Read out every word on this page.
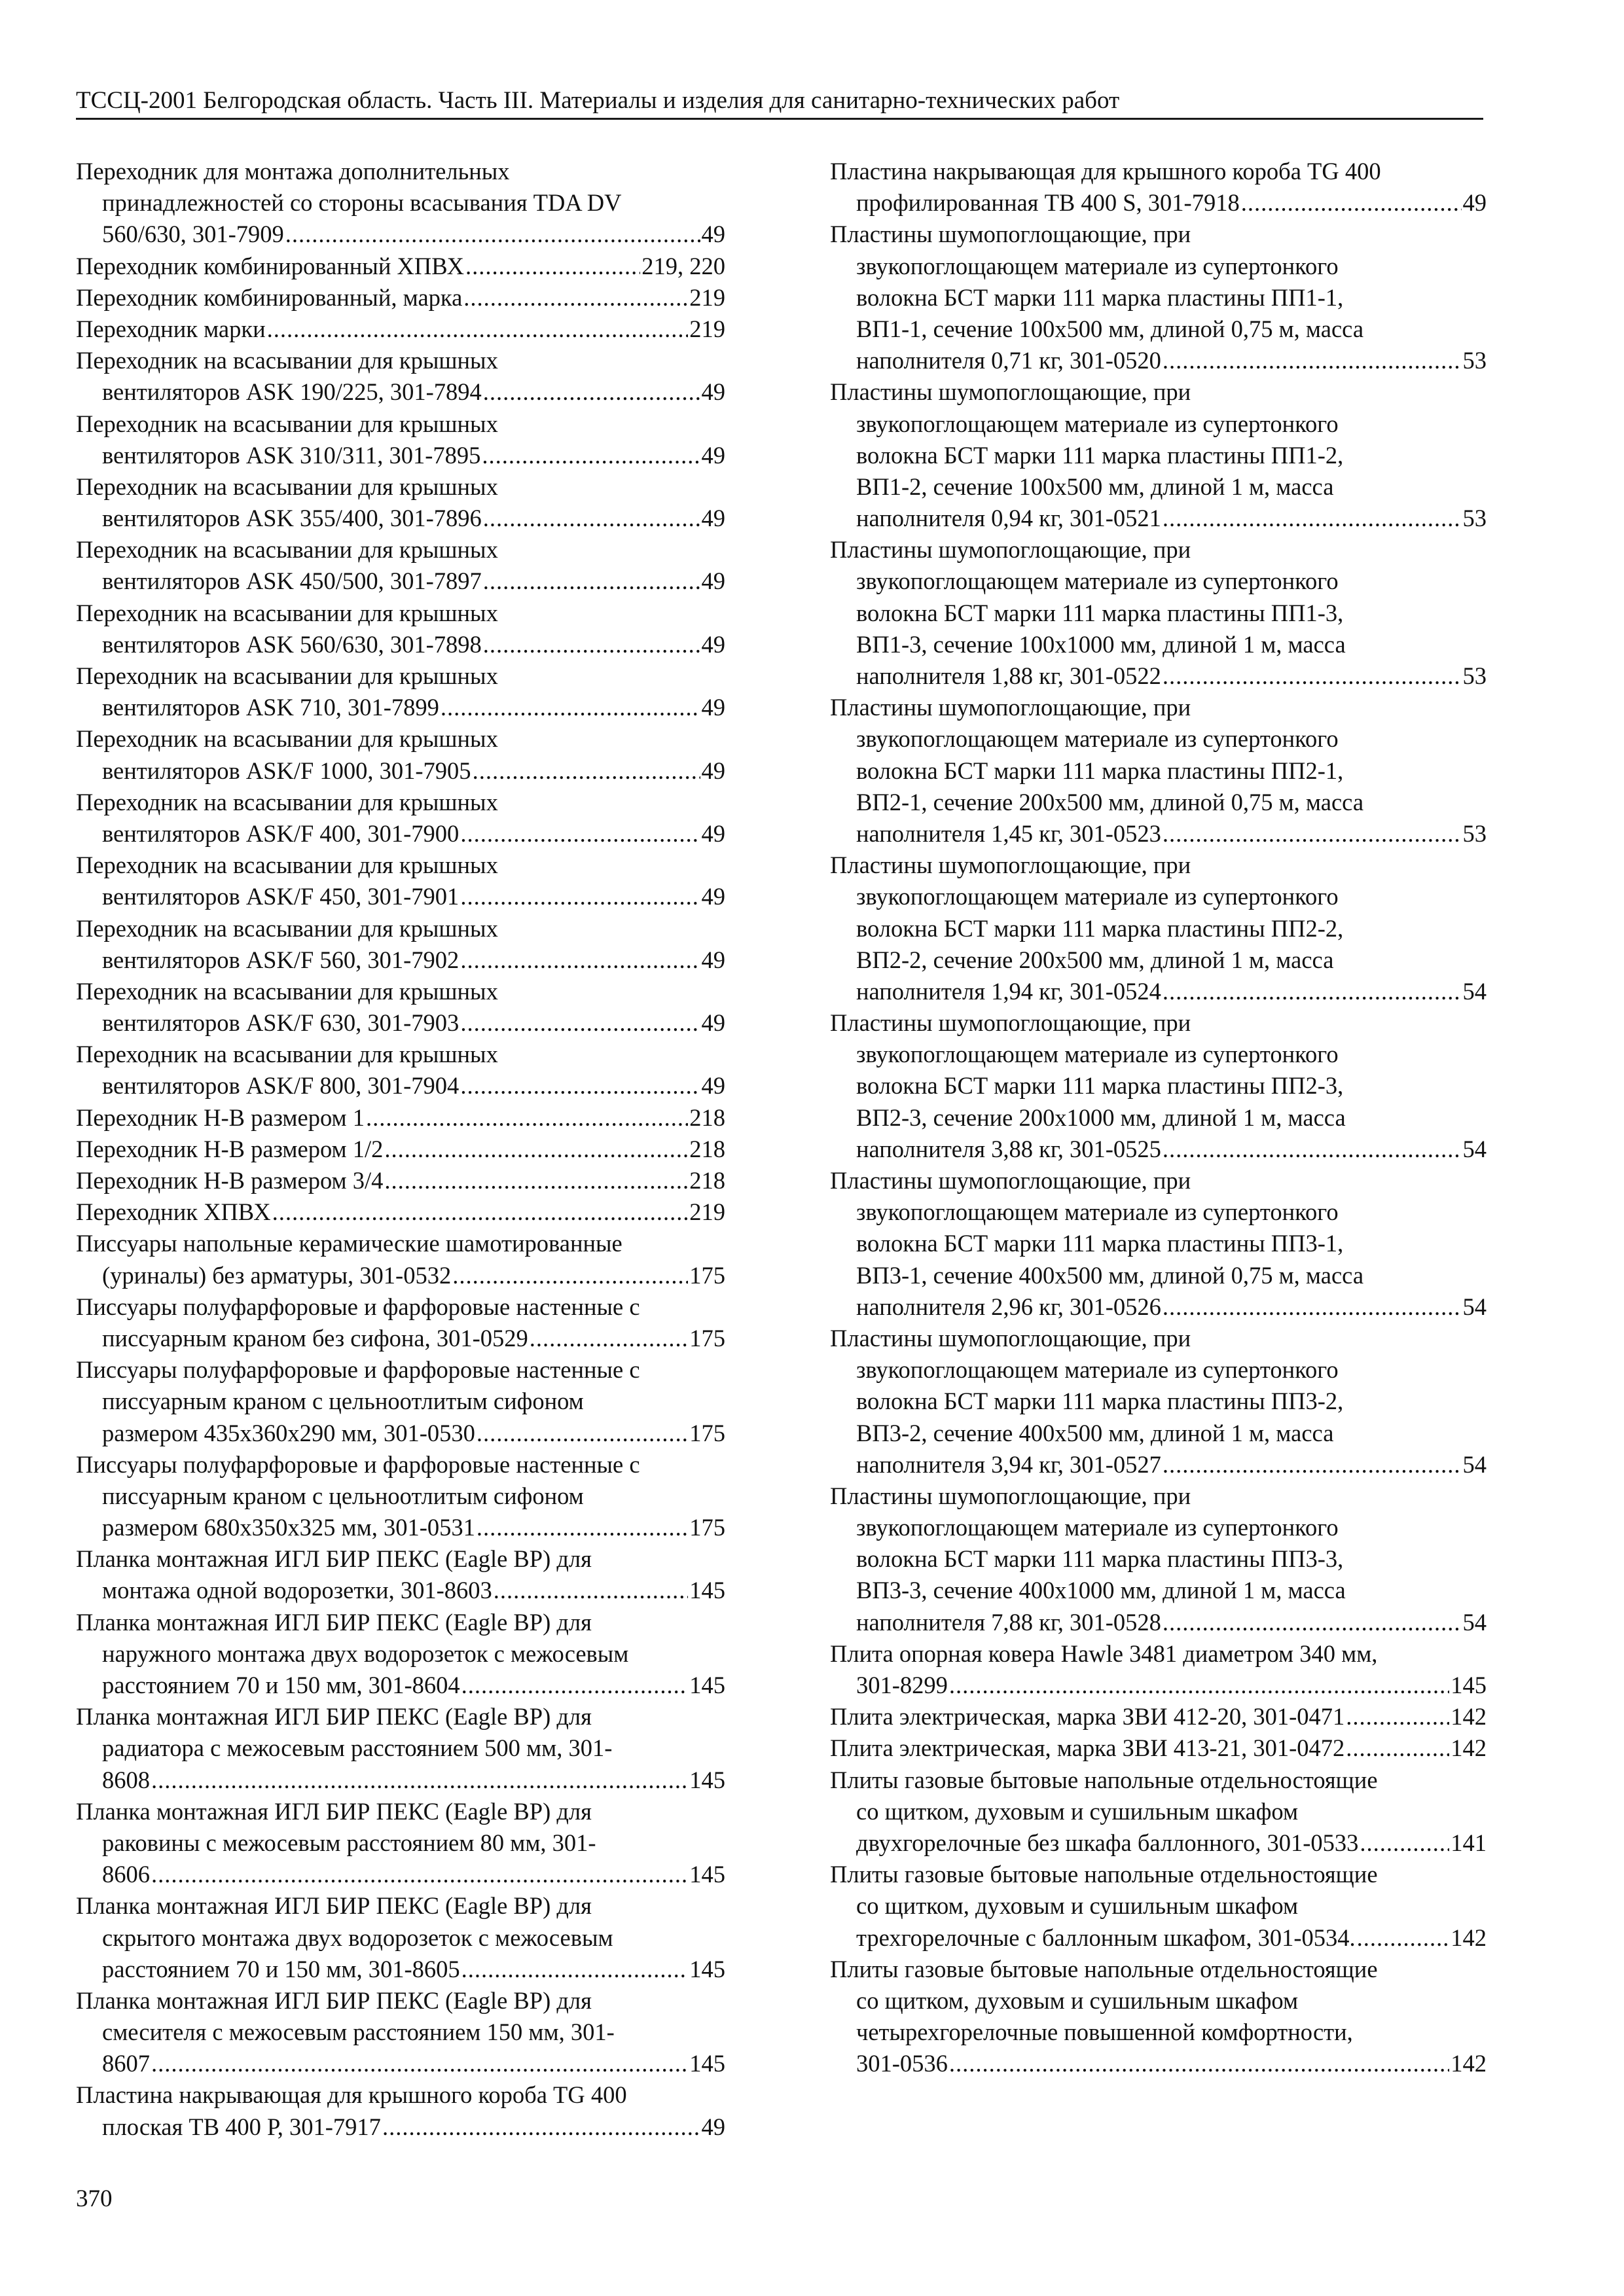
ТССЦ-2001 Белгородская область. Часть III. Материалы и изделия для санитарно-технических работ
Переходник для монтажа дополнительных
принадлежностей со стороны всасывания TDA DV
560/630, 301-7909 .....	49
Переходник комбинированный ХПВХ .....	219, 220
Переходник комбинированный, марка .....	219
Переходник марки .....	219
Переходник на всасывании для крышных
вентиляторов ASK 190/225, 301-7894 .....	49
Переходник на всасывании для крышных
вентиляторов ASK 310/311, 301-7895 .....	49
Переходник на всасывании для крышных
вентиляторов ASK 355/400, 301-7896 .....	49
Переходник на всасывании для крышных
вентиляторов ASK 450/500, 301-7897 .....	49
Переходник на всасывании для крышных
вентиляторов ASK 560/630, 301-7898 .....	49
Переходник на всасывании для крышных
вентиляторов ASK 710, 301-7899 .....	49
Переходник на всасывании для крышных
вентиляторов ASK/F 1000, 301-7905 .....	49
Переходник на всасывании для крышных
вентиляторов ASK/F 400, 301-7900 .....	49
Переходник на всасывании для крышных
вентиляторов ASK/F 450, 301-7901 .....	49
Переходник на всасывании для крышных
вентиляторов ASK/F 560, 301-7902 .....	49
Переходник на всасывании для крышных
вентиляторов ASK/F 630, 301-7903 .....	49
Переходник на всасывании для крышных
вентиляторов ASK/F 800, 301-7904 .....	49
Переходник Н-В размером 1 .....	218
Переходник Н-В размером 1/2 .....	218
Переходник Н-В размером 3/4 .....	218
Переходник ХПВХ .....	219
Писсуары напольные керамические шамотированные
(уриналы) без арматуры, 301-0532 .....	175
Писсуары полуфарфоровые и фарфоровые настенные с
писсуарным краном без сифона, 301-0529 .....	175
Писсуары полуфарфоровые и фарфоровые настенные с
писсуарным краном с цельноотлитым сифоном
размером 435х360х290 мм, 301-0530 .....	175
Писсуары полуфарфоровые и фарфоровые настенные с
писсуарным краном с цельноотлитым сифоном
размером 680х350х325 мм, 301-0531 .....	175
Планка монтажная ИГЛ БИР ПЕКС (Eagle BP) для
монтажа одной водорозетки, 301-8603 .....	145
Планка монтажная ИГЛ БИР ПЕКС (Eagle BP) для
наружного монтажа двух водорозеток с межосевым
расстоянием 70 и 150 мм, 301-8604 .....	145
Планка монтажная ИГЛ БИР ПЕКС (Eagle BP) для
радиатора с межосевым расстоянием 500 мм, 301-
8608 .....	145
Планка монтажная ИГЛ БИР ПЕКС (Eagle BP) для
раковины с межосевым расстоянием 80 мм, 301-
8606 .....	145
Планка монтажная ИГЛ БИР ПЕКС (Eagle BP) для
скрытого монтажа двух водорозеток с межосевым
расстоянием 70 и 150 мм, 301-8605 .....	145
Планка монтажная ИГЛ БИР ПЕКС (Eagle BP) для
смесителя с межосевым расстоянием 150 мм, 301-
8607 .....	145
Пластина накрывающая для крышного короба TG 400
плоская ТВ 400 Р, 301-7917 .....	49
Пластина накрывающая для крышного короба TG 400
профилированная ТВ 400 S, 301-7918 .....	49
Пластины шумопоглощающие, при
звукопоглощающем материале из супертонкого
волокна БСТ марки 111 марка пластины ПП1-1,
ВП1-1, сечение 100х500 мм, длиной 0,75 м, масса
наполнителя 0,71 кг, 301-0520 .....	53
Пластины шумопоглощающие, при
звукопоглощающем материале из супертонкого
волокна БСТ марки 111 марка пластины ПП1-2,
ВП1-2, сечение 100х500 мм, длиной 1 м, масса
наполнителя 0,94 кг, 301-0521 .....	53
Пластины шумопоглощающие, при
звукопоглощающем материале из супертонкого
волокна БСТ марки 111 марка пластины ПП1-3,
ВП1-3, сечение 100х1000 мм, длиной 1 м, масса
наполнителя 1,88 кг, 301-0522 .....	53
Пластины шумопоглощающие, при
звукопоглощающем материале из супертонкого
волокна БСТ марки 111 марка пластины ПП2-1,
ВП2-1, сечение 200х500 мм, длиной 0,75 м, масса
наполнителя 1,45 кг, 301-0523 .....	53
Пластины шумопоглощающие, при
звукопоглощающем материале из супертонкого
волокна БСТ марки 111 марка пластины ПП2-2,
ВП2-2, сечение 200х500 мм, длиной 1 м, масса
наполнителя 1,94 кг, 301-0524 .....	54
Пластины шумопоглощающие, при
звукопоглощающем материале из супертонкого
волокна БСТ марки 111 марка пластины ПП2-3,
ВП2-3, сечение 200х1000 мм, длиной 1 м, масса
наполнителя 3,88 кг, 301-0525 .....	54
Пластины шумопоглощающие, при
звукопоглощающем материале из супертонкого
волокна БСТ марки 111 марка пластины ПП3-1,
ВП3-1, сечение 400х500 мм, длиной 0,75 м, масса
наполнителя 2,96 кг, 301-0526 .....	54
Пластины шумопоглощающие, при
звукопоглощающем материале из супертонкого
волокна БСТ марки 111 марка пластины ПП3-2,
ВП3-2, сечение 400х500 мм, длиной 1 м, масса
наполнителя 3,94 кг, 301-0527 .....	54
Пластины шумопоглощающие, при
звукопоглощающем материале из супертонкого
волокна БСТ марки 111 марка пластины ПП3-3,
ВП3-3, сечение 400х1000 мм, длиной 1 м, масса
наполнителя 7,88 кг, 301-0528 .....	54
Плита опорная ковера Hawle 3481 диаметром 340 мм,
301-8299 .....	145
Плита электрическая, марка ЗВИ 412-20, 301-0471 .....	142
Плита электрическая, марка ЗВИ 413-21, 301-0472 .....	142
Плиты газовые бытовые напольные отдельностоящие
со щитком, духовым и сушильным шкафом
двухгорелочные без шкафа баллонного, 301-0533 .....	141
Плиты газовые бытовые напольные отдельностоящие
со щитком, духовым и сушильным шкафом
трехгорелочные с баллонным шкафом, 301-0534. .....	142
Плиты газовые бытовые напольные отдельностоящие
со щитком, духовым и сушильным шкафом
четырехгорелочные повышенной комфортности,
301-0536 .....	142
370
